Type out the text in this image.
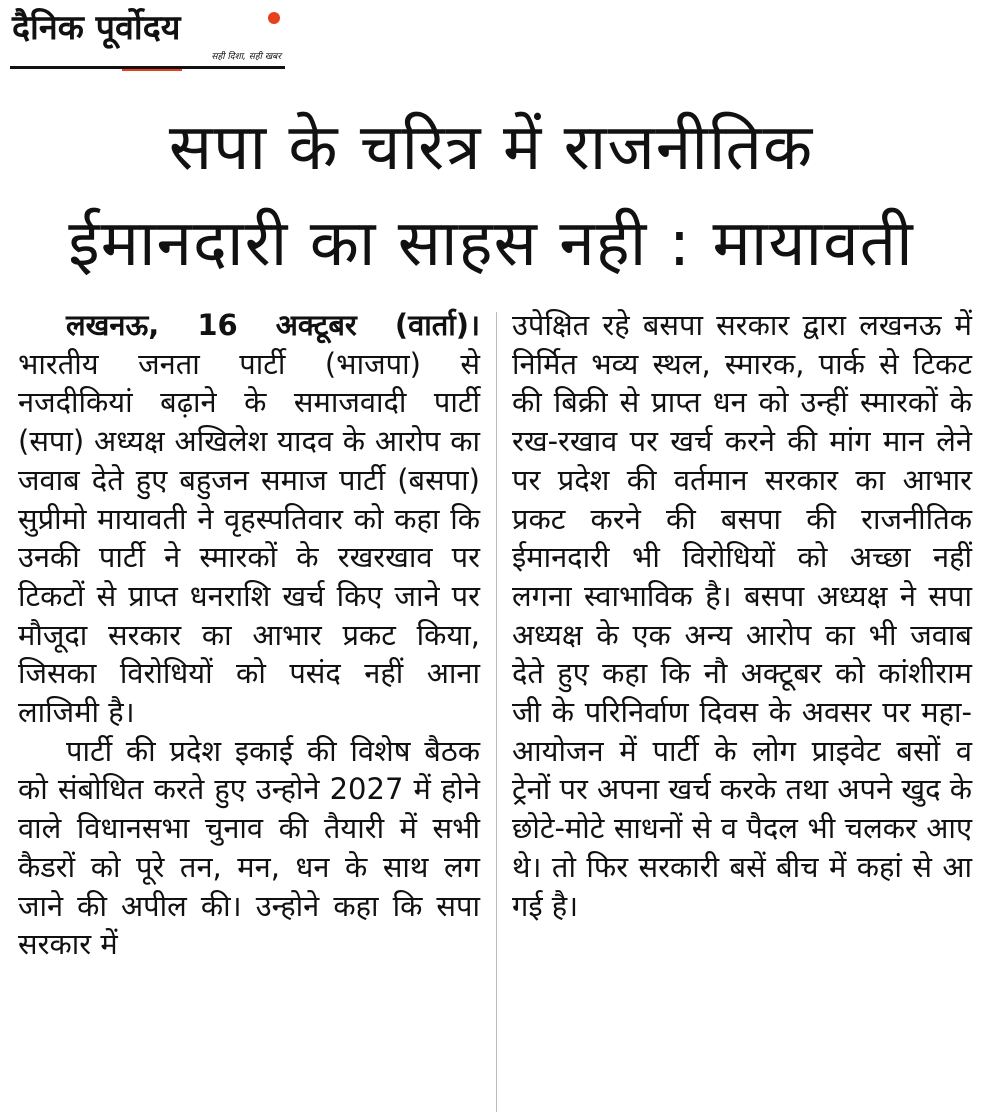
दैनिक पूर्वोदय
सही दिशा, सही खबर
सपा के चरित्र में राजनीतिक
ईमानदारी का साहस नही : मायावती

लखनऊ, 16 अक्टूबर (वार्ता)। भारतीय जनता पार्टी (भाजपा) से नजदीकियां बढ़ाने के समाजवादी पार्टी (सपा) अध्यक्ष अखिलेश यादव के आरोप का जवाब देते हुए बहुजन समाज पार्टी (बसपा) सुप्रीमो मायावती ने वृहस्पतिवार को कहा कि उनकी पार्टी ने स्मारकों के रखरखाव पर टिकटों से प्राप्त धनराशि खर्च किए जाने पर मौजूदा सरकार का आभार प्रकट किया, जिसका विरोधियों को पसंद नहीं आना लाजिमी है।

पार्टी की प्रदेश इकाई की विशेष बैठक को संबोधित करते हुए उन्होने 2027 में होने वाले विधानसभा चुनाव की तैयारी में सभी कैडरों को पूरे तन, मन, धन के साथ लग जाने की अपील की। उन्होने कहा कि सपा सरकार में

उपेक्षित रहे बसपा सरकार द्वारा लखनऊ में निर्मित भव्य स्थल, स्मारक, पार्क से टिकट की बिक्री से प्राप्त धन को उन्हीं स्मारकों के रख-रखाव पर खर्च करने की मांग मान लेने पर प्रदेश की वर्तमान सरकार का आभार प्रकट करने की बसपा की राजनीतिक ईमानदारी भी विरोधियों को अच्छा नहीं लगना स्वाभाविक है। बसपा अध्यक्ष ने सपा अध्यक्ष के एक अन्य आरोप का भी जवाब देते हुए कहा कि नौ अक्टूबर को कांशीराम जी के परिनिर्वाण दिवस के अवसर पर महा-आयोजन में पार्टी के लोग प्राइवेट बसों व ट्रेनों पर अपना खर्च करके तथा अपने खुद के छोटे-मोटे साधनों से व पैदल भी चलकर आए थे। तो फिर सरकारी बसें बीच में कहां से आ गई है।
